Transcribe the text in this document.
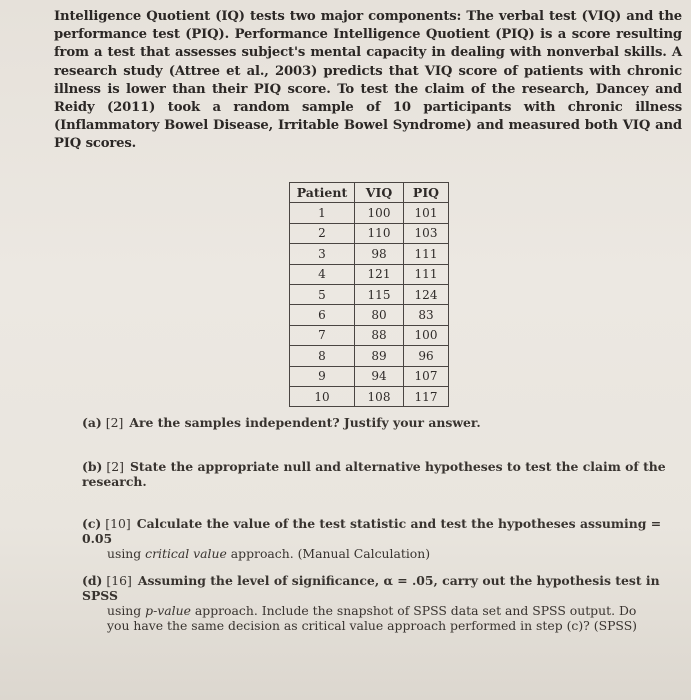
Intelligence Quotient (IQ) tests two major components: The verbal test (VIQ) and the performance test (PIQ). Performance Intelligence Quotient (PIQ) is a score resulting from a test that assesses subject's mental capacity in dealing with nonverbal skills. A research study (Attree et al., 2003) predicts that VIQ score of patients with chronic illness is lower than their PIQ score. To test the claim of the research, Dancey and Reidy (2011) took a random sample of 10 participants with chronic illness (Inflammatory Bowel Disease, Irritable Bowel Syndrome) and measured both VIQ and PIQ scores.
Patient	VIQ	PIQ
1	100	101
2	110	103
3	98	111
4	121	111
5	115	124
6	80	83
7	88	100
8	89	96
9	94	107
10	108	117
(a) [2] Are the samples independent? Justify your answer.
(b) [2] State the appropriate null and alternative hypotheses to test the claim of the research.
(c) [10] Calculate the value of the test statistic and test the hypotheses assuming = 0.05
using critical value approach. (Manual Calculation)
(d) [16] Assuming the level of significance, α = .05, carry out the hypothesis test in SPSS
using p-value approach. Include the snapshot of SPSS data set and SPSS output. Do
you have the same decision as critical value approach performed in step (c)? (SPSS)
